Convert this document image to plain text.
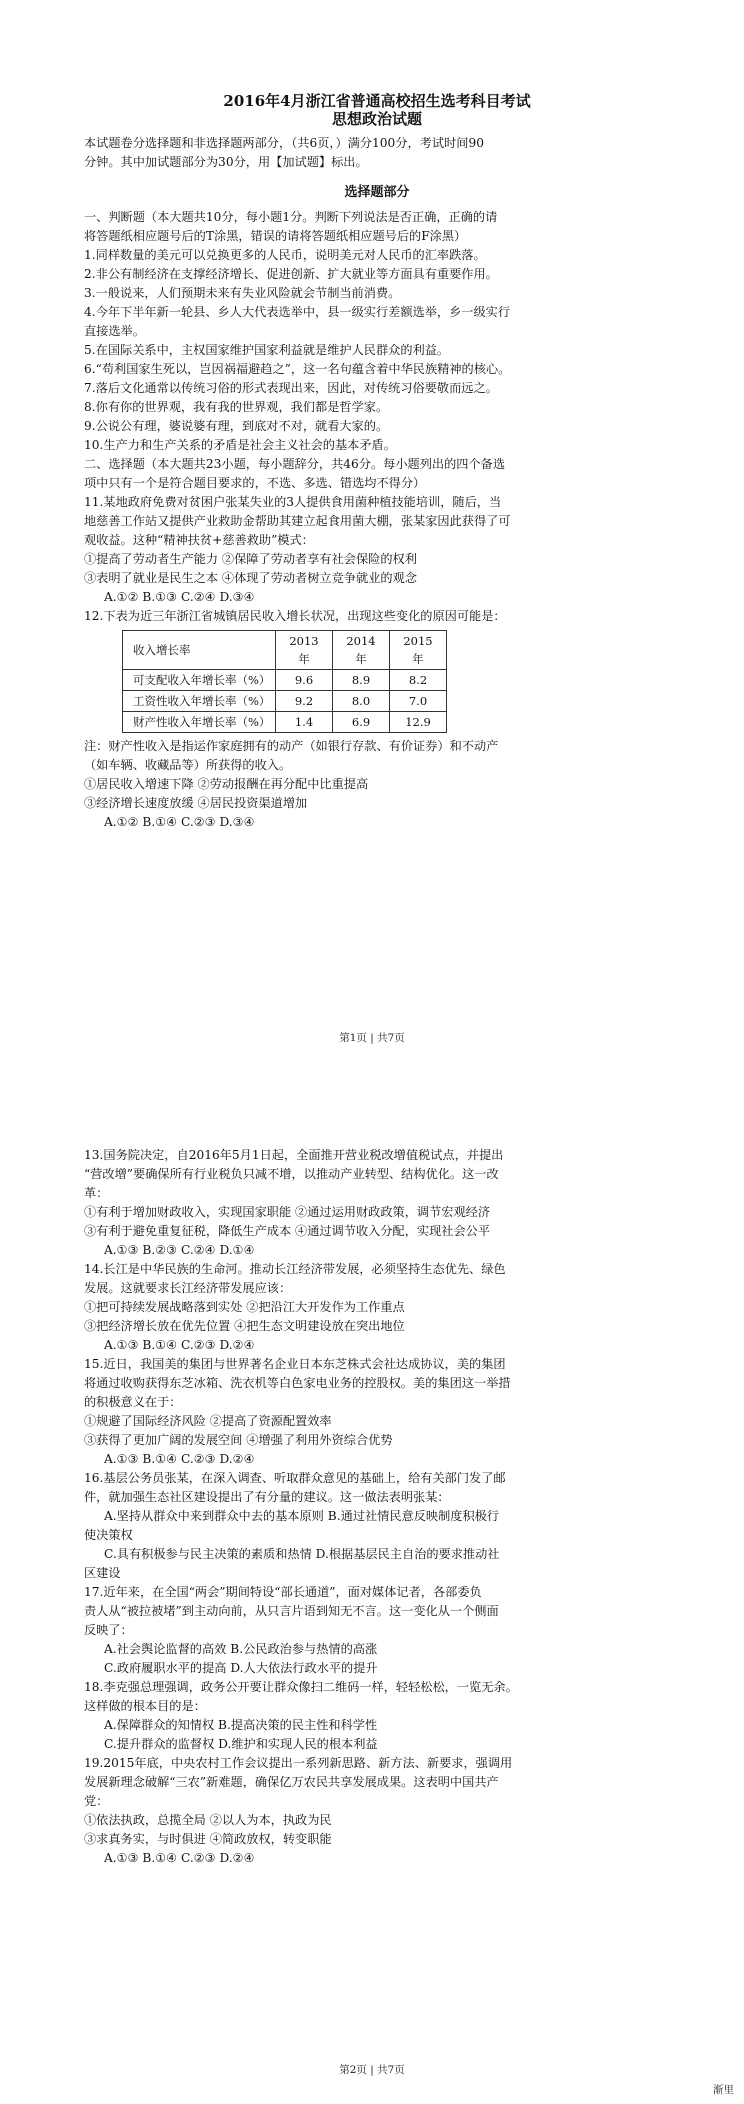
2016年4月浙江省普通高校招生选考科目考试

思想政治试题

本试题卷分选择题和非选择题两部分，（共6页，）满分100分，考试时间90

分钟。其中加试题部分为30分，用【加试题】标出。

选择题部分

一、判断题（本大题共10分，每小题1分。判断下列说法是否正确，正确的请

将答题纸相应题号后的T涂黑，错误的请将答题纸相应题号后的F涂黑）

1.同样数量的美元可以兑换更多的人民币，说明美元对人民币的汇率跌落。

2.非公有制经济在支撑经济增长、促进创新、扩大就业等方面具有重要作用。

3.一般说来，人们预期未来有失业风险就会节制当前消费。

4.今年下半年新一轮县、乡人大代表选举中，县一级实行差额选举，乡一级实行

直接选举。

5.在国际关系中，主权国家维护国家利益就是维护人民群众的利益。

6.“苟利国家生死以，岂因祸福避趋之”，这一名句蕴含着中华民族精神的核心。

7.落后文化通常以传统习俗的形式表现出来，因此，对传统习俗要敬而远之。

8.你有你的世界观，我有我的世界观，我们都是哲学家。

9.公说公有理，婆说婆有理，到底对不对，就看大家的。

10.生产力和生产关系的矛盾是社会主义社会的基本矛盾。

二、选择题（本大题共23小题，每小题辞分，共46分。每小题列出的四个备选

项中只有一个是符合题目要求的，不选、多选、错选均不得分）

11.某地政府免费对贫困户张某失业的3人提供食用菌种植技能培训，随后，当

地慈善工作站又提供产业救助金帮助其建立起食用菌大棚，张某家因此获得了可

观收益。这种“精神扶贫+慈善救助”模式：

①提高了劳动者生产能力 ②保障了劳动者享有社会保险的权利

③表明了就业是民生之本 ④体现了劳动者树立竞争就业的观念

A.①② B.①③ C.②④ D.③④

12.下表为近三年浙江省城镇居民收入增长状况，出现这些变化的原因可能是：

收入增长率	2013年	2014年	2015年
可支配收入年增长率（%）	9.6	8.9	8.2
工资性收入年增长率（%）	9.2	8.0	7.0
财产性收入年增长率（%）	1.4	6.9	12.9

注：财产性收入是指运作家庭拥有的动产（如银行存款、有价证券）和不动产

（如车辆、收藏品等）所获得的收入。

①居民收入增速下降 ②劳动报酬在再分配中比重提高

③经济增长速度放缓 ④居民投资渠道增加

A.①② B.①④ C.②③ D.③④

第1页 | 共7页

13.国务院决定，自2016年5月1日起，全面推开营业税改增值税试点，并提出

“营改增”要确保所有行业税负只减不增，以推动产业转型、结构优化。这一改

革：

①有利于增加财政收入，实现国家职能 ②通过运用财政政策，调节宏观经济

③有利于避免重复征税，降低生产成本 ④通过调节收入分配，实现社会公平

A.①③ B.②③ C.②④ D.①④

14.长江是中华民族的生命河。推动长江经济带发展，必须坚持生态优先、绿色

发展。这就要求长江经济带发展应该：

①把可持续发展战略落到实处 ②把沿江大开发作为工作重点

③把经济增长放在优先位置 ④把生态文明建设放在突出地位

A.①③ B.①④ C.②③ D.②④

15.近日，我国美的集团与世界著名企业日本东芝株式会社达成协议，美的集团

将通过收购获得东芝冰箱、洗衣机等白色家电业务的控股权。美的集团这一举措

的积极意义在于：

①规避了国际经济风险 ②提高了资源配置效率

③获得了更加广阔的发展空间 ④增强了利用外资综合优势

A.①③ B.①④ C.②③ D.②④

16.基层公务员张某，在深入调查、听取群众意见的基础上，给有关部门发了邮

件，就加强生态社区建设提出了有分量的建议。这一做法表明张某：

A.坚持从群众中来到群众中去的基本原则 B.通过社情民意反映制度积极行

使决策权

C.具有积极参与民主决策的素质和热情 D.根据基层民主自治的要求推动社

区建设

17.近年来，在全国“两会”期间特设“部长通道”，面对媒体记者，各部委负

责人从“被拉被堵”到主动向前，从只言片语到知无不言。这一变化从一个侧面

反映了：

A.社会舆论监督的高效 B.公民政治参与热情的高涨

C.政府履职水平的提高 D.人大依法行政水平的提升

18.李克强总理强调，政务公开要让群众像扫二维码一样，轻轻松松，一览无余。

这样做的根本目的是：

A.保障群众的知情权 B.提高决策的民主性和科学性

C.提升群众的监督权 D.维护和实现人民的根本利益

19.2015年底，中央农村工作会议提出一系列新思路、新方法、新要求，强调用

发展新理念破解“三农”新难题，确保亿万农民共享发展成果。这表明中国共产

党：

①依法执政，总揽全局 ②以人为本，执政为民

③求真务实，与时俱进 ④简政放权，转变职能

A.①③ B.①④ C.②③ D.②④

第2页 | 共7页
渐里
